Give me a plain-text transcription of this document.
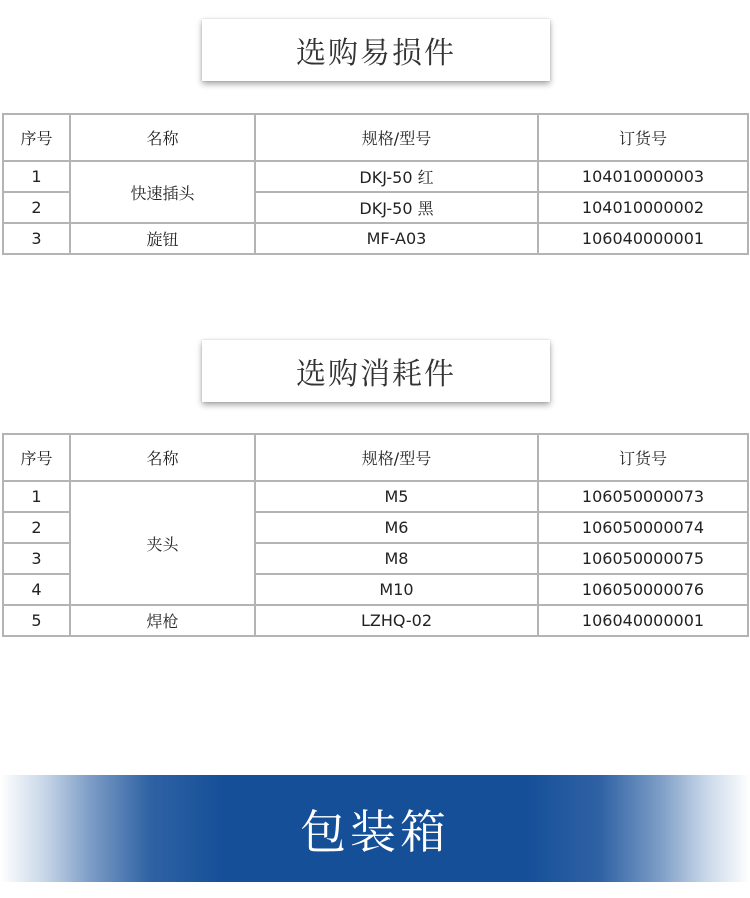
选购易损件
序号	名称	规格/型号	订货号
1	快速插头	DKJ-50 红	104010000003
2		DKJ-50 黑	104010000002
3	旋钮	MF-A03	106040000001
选购消耗件
序号	名称	规格/型号	订货号
1	夹头	M5	106050000073
2		M6	106050000074
3		M8	106050000075
4		M10	106050000076
5	焊枪	LZHQ-02	106040000001
包装箱
